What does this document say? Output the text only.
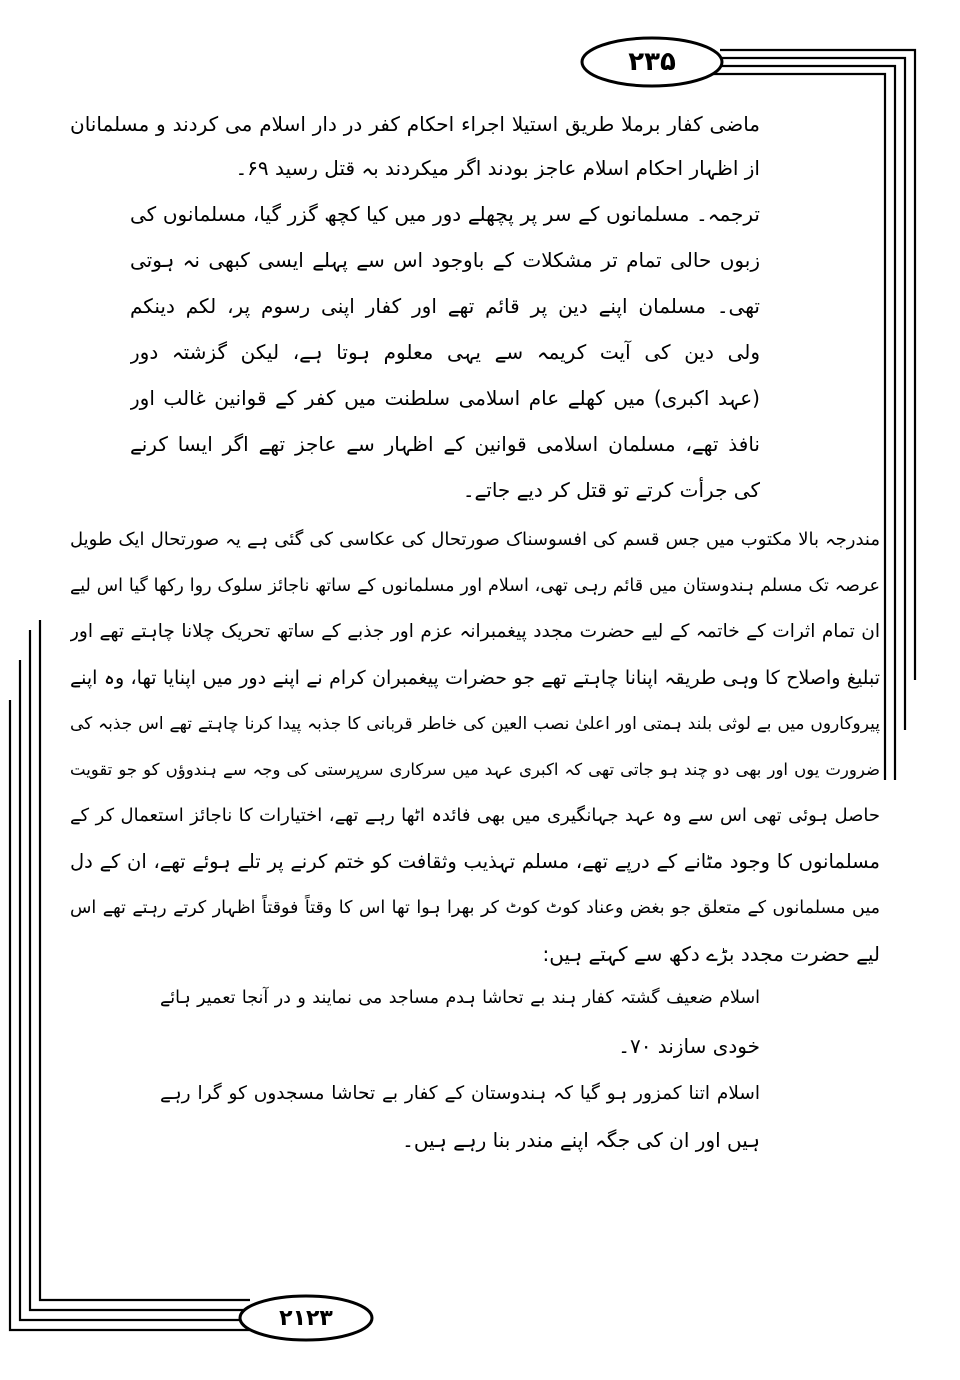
۲۳۵
۲۱۲۳
ماضی کفار برملا طریق استیلا اجراء احکام کفر در دار اسلام می کردند و مسلمانان
از اظہار احکام اسلام عاجز بودند اگر میکردند بہ قتل رسید ۶۹۔
ترجمہ۔ مسلمانوں کے سر پر پچھلے دور میں کیا کچھ گزر گیا، مسلمانوں کی
زبوں حالی تمام تر مشکلات کے باوجود اس سے پہلے ایسی کبھی نہ ہوتی
تھی۔ مسلمان اپنے دین پر قائم تھے اور کفار اپنی رسوم پر، لکم دینکم
ولی دین کی آیت کریمہ سے یہی معلوم ہوتا ہے، لیکن گزشتہ دور
(عہد اکبری) میں کھلے عام اسلامی سلطنت میں کفر کے قوانین غالب اور
نافذ تھے، مسلمان اسلامی قوانین کے اظہار سے عاجز تھے اگر ایسا کرنے
کی جرأت کرتے تو قتل کر دیے جاتے۔
مندرجہ بالا مکتوب میں جس قسم کی افسوسناک صورتحال کی عکاسی کی گئی ہے یہ صورتحال ایک طویل
عرصہ تک مسلم ہندوستان میں قائم رہی تھی، اسلام اور مسلمانوں کے ساتھ ناجائز سلوک روا رکھا گیا اس لیے
ان تمام اثرات کے خاتمہ کے لیے حضرت مجدد پیغمبرانہ عزم اور جذبے کے ساتھ تحریک چلانا چاہتے تھے اور
تبلیغ واصلاح کا وہی طریقہ اپنانا چاہتے تھے جو حضرات پیغمبران کرام نے اپنے دور میں اپنایا تھا، وہ اپنے
پیروکاروں میں بے لوثی بلند ہمتی اور اعلیٰ نصب العین کی خاطر قربانی کا جذبہ پیدا کرنا چاہتے تھے اس جذبہ کی
ضرورت یوں اور بھی دو چند ہو جاتی تھی کہ اکبری عہد میں سرکاری سرپرستی کی وجہ سے ہندوؤں کو جو تقویت
حاصل ہوئی تھی اس سے وہ عہد جہانگیری میں بھی فائدہ اٹھا رہے تھے، اختیارات کا ناجائز استعمال کر کے
مسلمانوں کا وجود مٹانے کے درپے تھے، مسلم تہذیب وثقافت کو ختم کرنے پر تلے ہوئے تھے، ان کے دل
میں مسلمانوں کے متعلق جو بغض وعناد کوٹ کوٹ کر بھرا ہوا تھا اس کا وقتاً فوقتاً اظہار کرتے رہتے تھے اس
لیے حضرت مجدد بڑے دکھ سے کہتے ہیں:
اسلام ضعیف گشتہ کفار ہند بے تحاشا ہدم مساجد می نمایند و در آنجا تعمیر ہائے
خودی سازند ۷۰۔
اسلام اتنا کمزور ہو گیا کہ ہندوستان کے کفار بے تحاشا مسجدوں کو گرا رہے
ہیں اور ان کی جگہ اپنے مندر بنا رہے ہیں۔
